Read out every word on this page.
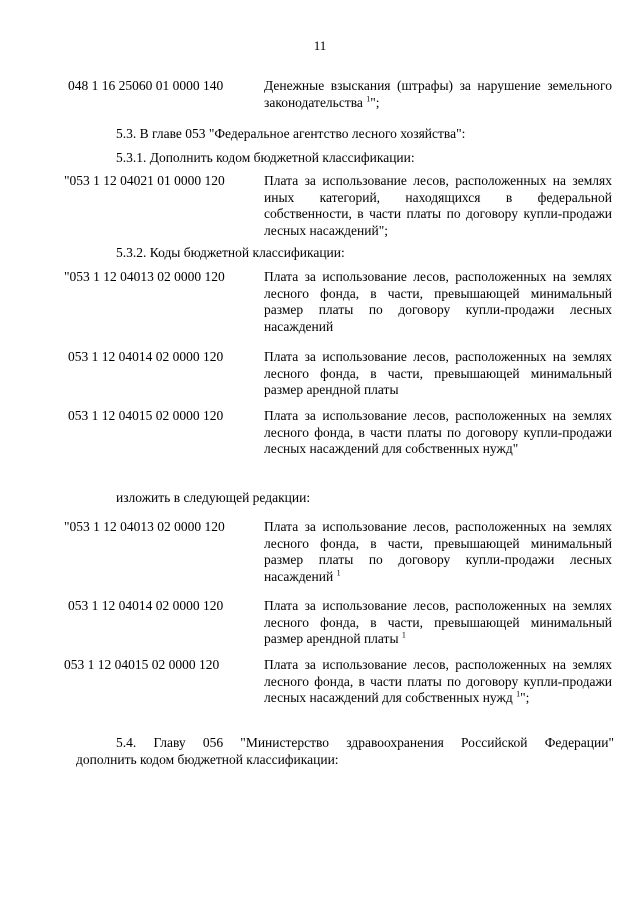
11
048 1 16 25060 01 0000 140	Денежные взыскания (штрафы) за нарушение земельного законодательства $^1$";
5.3. В главе 053 "Федеральное агентство лесного хозяйства":
5.3.1. Дополнить кодом бюджетной классификации:
"053 1 12 04021 01 0000 120	Плата за использование лесов, расположенных на землях иных категорий, находящихся в федеральной собственности, в части платы по договору купли-продажи лесных насаждений";
5.3.2. Коды бюджетной классификации:
"053 1 12 04013 02 0000 120	Плата за использование лесов, расположенных на землях лесного фонда, в части, превышающей минимальный размер платы по договору купли-продажи лесных насаждений
053 1 12 04014 02 0000 120	Плата за использование лесов, расположенных на землях лесного фонда, в части, превышающей минимальный размер арендной платы
053 1 12 04015 02 0000 120	Плата за использование лесов, расположенных на землях лесного фонда, в части платы по договору купли-продажи лесных насаждений для собственных нужд"
изложить в следующей редакции:
"053 1 12 04013 02 0000 120	Плата за использование лесов, расположенных на землях лесного фонда, в части, превышающей минимальный размер платы по договору купли-продажи лесных насаждений $^1$
053 1 12 04014 02 0000 120	Плата за использование лесов, расположенных на землях лесного фонда, в части, превышающей минимальный размер арендной платы $^1$
053 1 12 04015 02 0000 120	Плата за использование лесов, расположенных на землях лесного фонда, в части платы по договору купли-продажи лесных насаждений для собственных нужд $^1$";
5.4. Главу 056 "Министерство здравоохранения Российской Федерации"
дополнить кодом бюджетной классификации:
